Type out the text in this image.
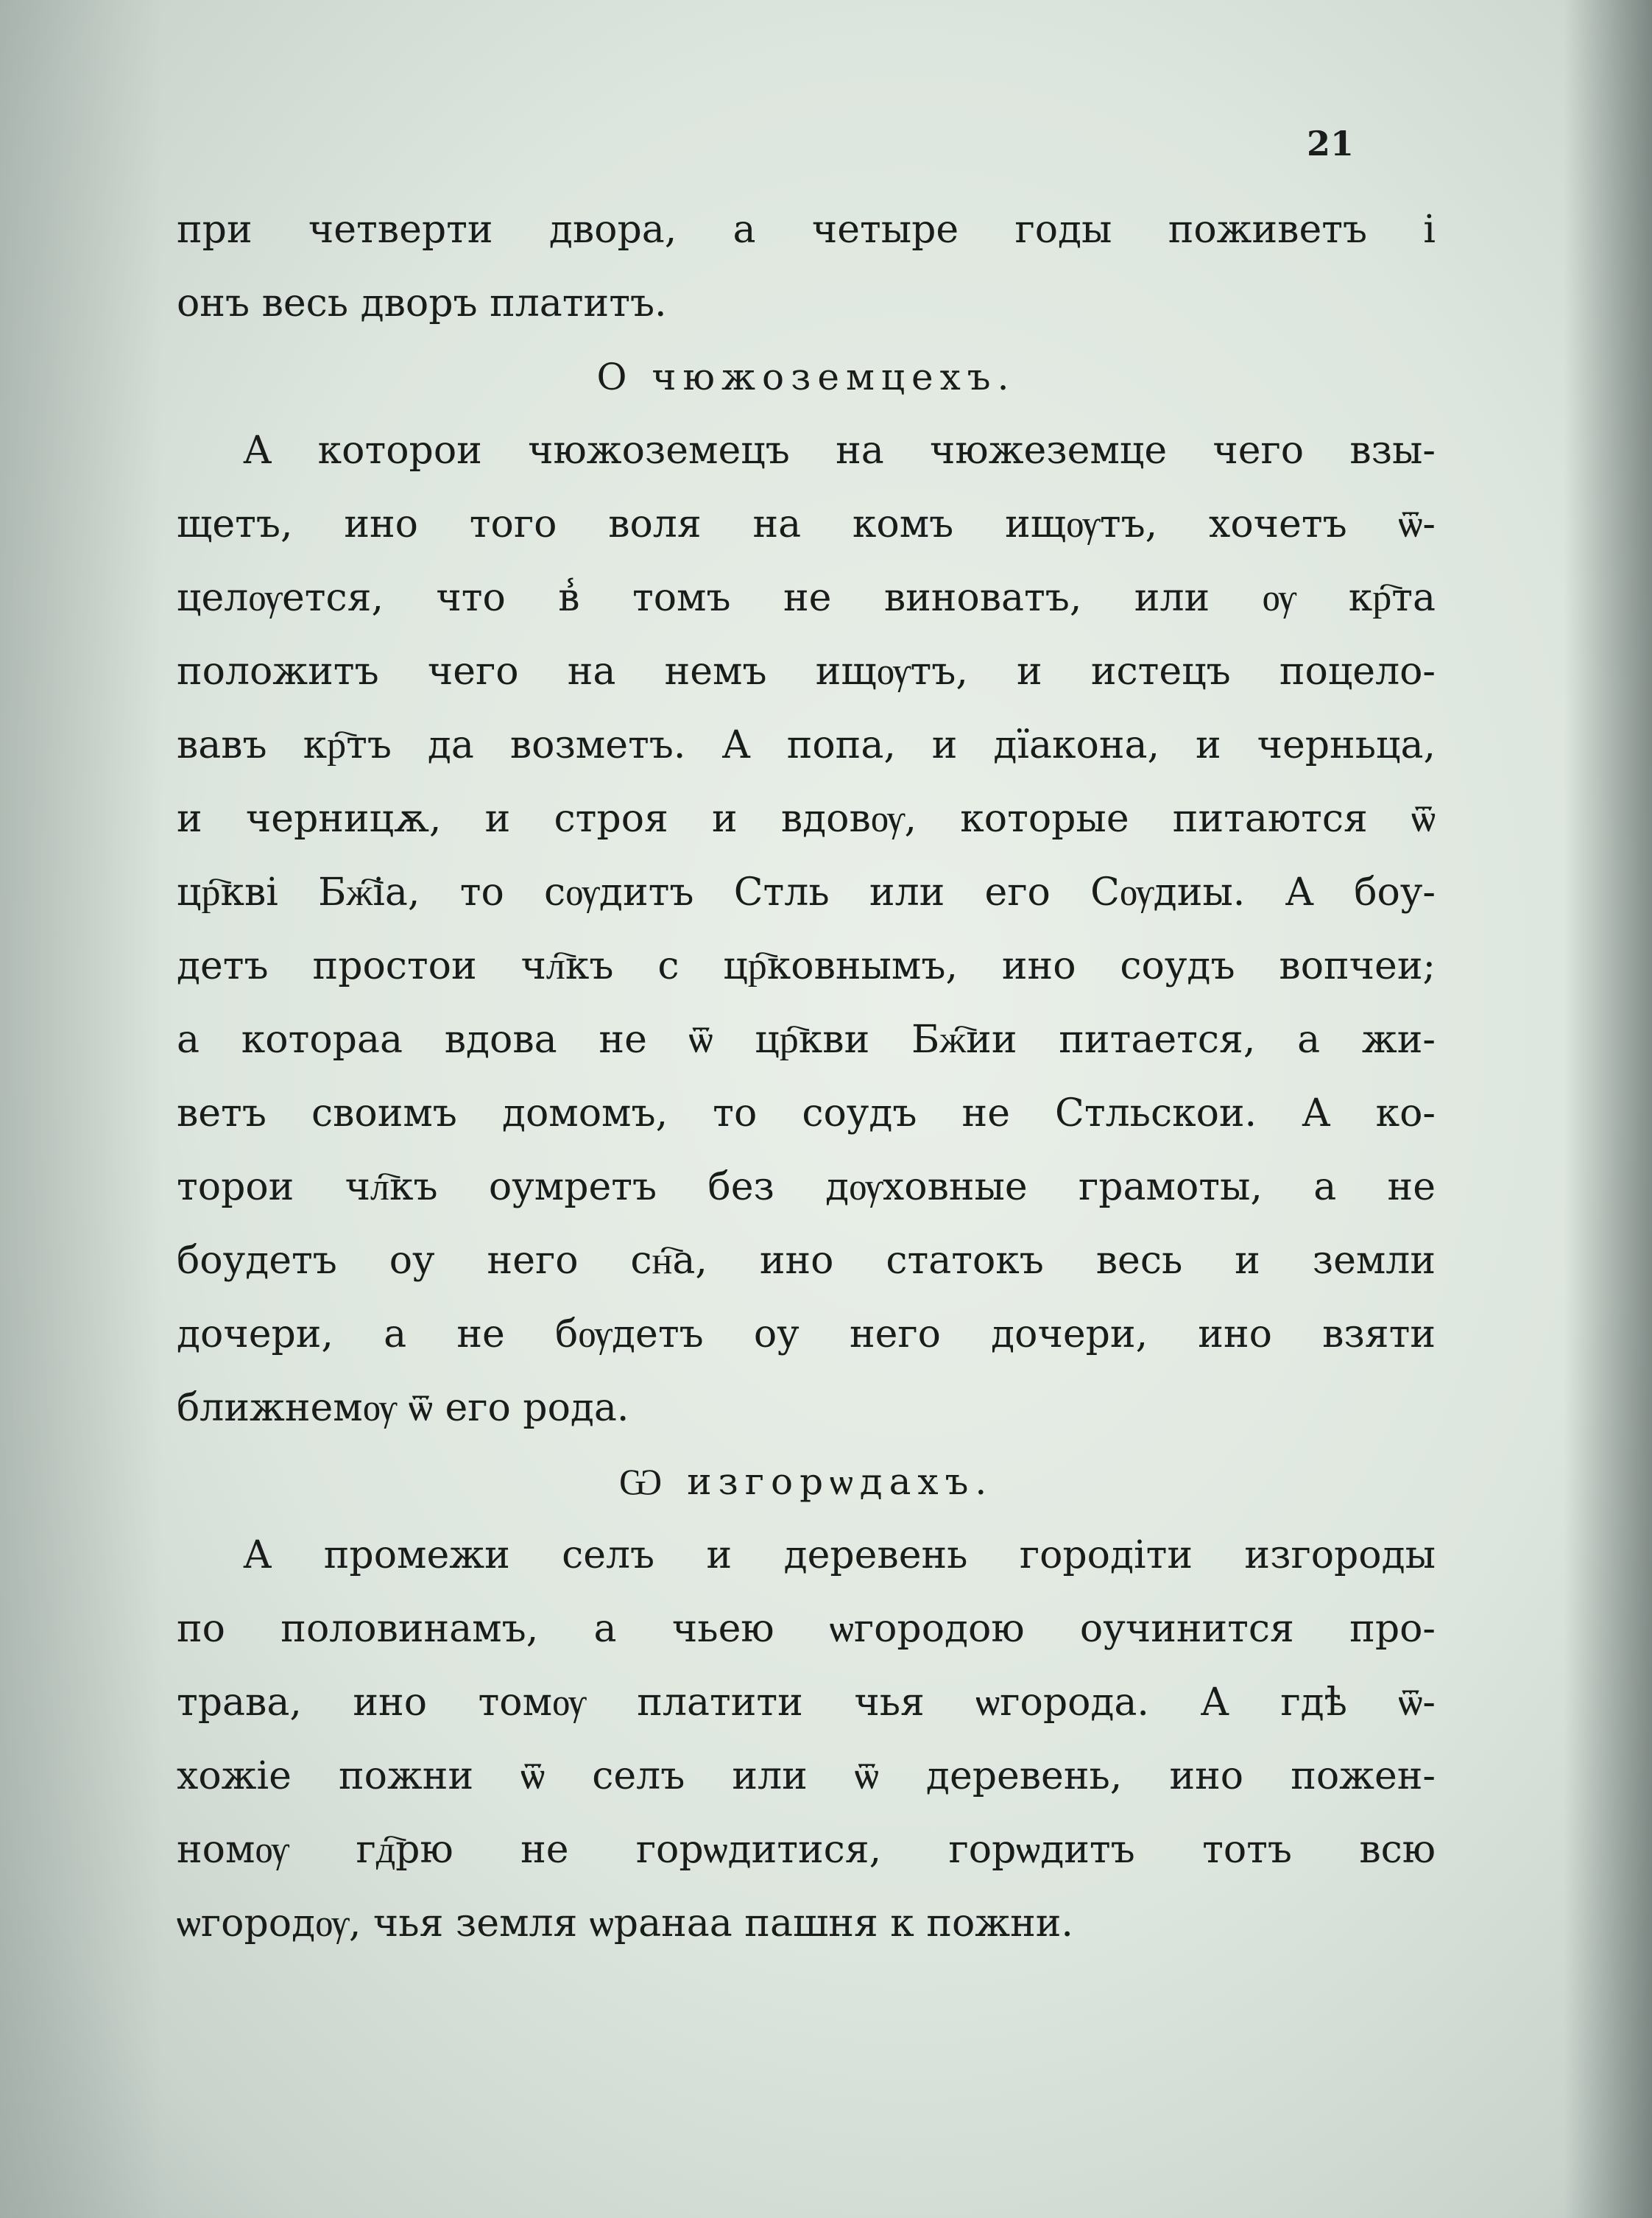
21
при четверти двора, а четыре годы поживетъ і
онъ весь дворъ платитъ.
О чюжоземцехъ.
А которои чюжоземецъ на чюжеземце чего взы-
щетъ, ино того воля на комъ ищѹтъ, хочетъ ѿ-
целѹется, что в̾ томъ не виноватъ, или ѹ кр҇та
положитъ чего на немъ ищѹтъ, и истецъ поцело-
вавъ кр҇тъ да возметъ. А попа, и дїакона, и черньца,
и черницѫ, и строя и вдовѹ, которые питаются ѿ
цр҇кві Бж҇іа, то сѹдитъ Стль или его Сѹдиы. А боу-
детъ простои чл҇къ с цр҇ковнымъ, ино соудъ вопчеи;
а котораа вдова не ѿ цр҇кви Бж҇ии питается, а жи-
ветъ своимъ домомъ, то соудъ не Стльскои. А ко-
торои чл҇къ оумретъ без дѹховные грамоты, а не
боудетъ оу него сн҇а, ино статокъ весь и земли
дочери, а не бѹдетъ оу него дочери, ино взяти
ближнемѹ ѿ его рода.
Ѡ изгорѡдахъ.
А промежи селъ и деревень городіти изгороды
по половинамъ, а чьею ѡгородою оучинится про-
трава, ино томѹ платити чья ѡгорода. А гдѣ ѿ-
хожіе пожни ѿ селъ или ѿ деревень, ино пожен-
номѹ гд҇рю не горѡдитися, горѡдитъ тотъ всю
ѡгородѹ, чья земля ѡранаа пашня к пожни.
